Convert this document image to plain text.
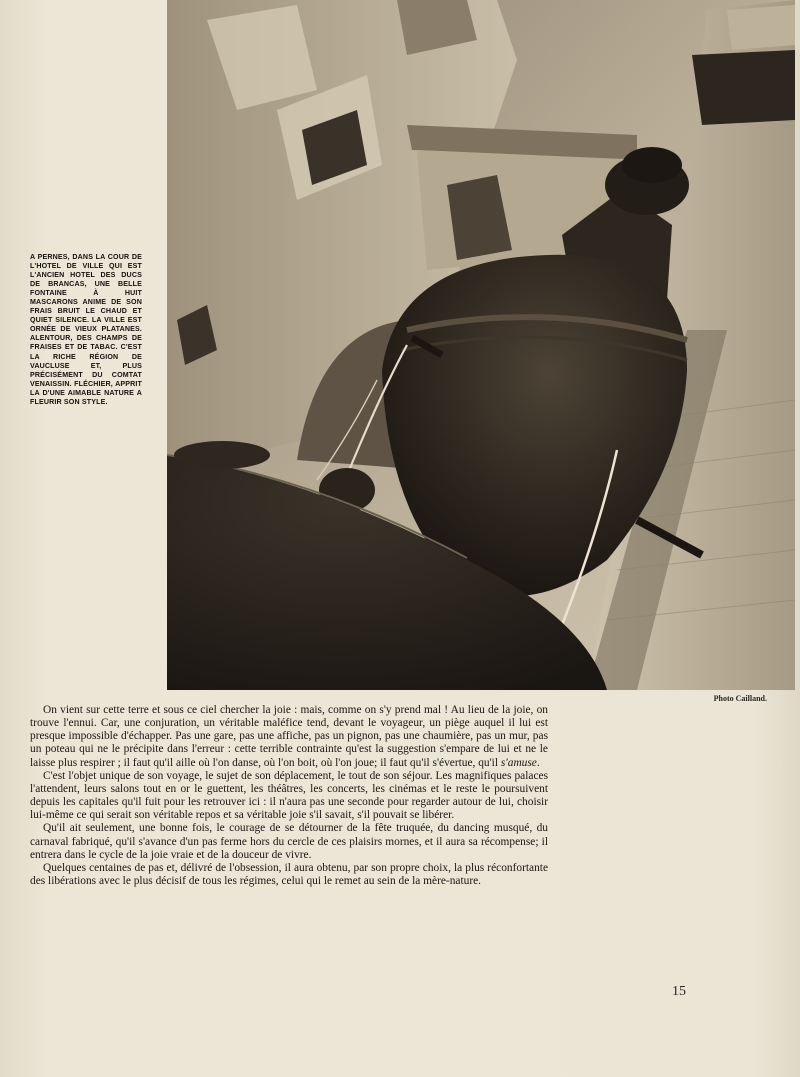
A PERNES, DANS LA COUR DE L'HOTEL DE VILLE QUI EST L'ANCIEN HOTEL DES DUCS DE BRANCAS, UNE BELLE FONTAINE À HUIT MASCARONS ANIME DE SON FRAIS BRUIT LE CHAUD ET QUIET SILENCE. LA VILLE EST ORNÉE DE VIEUX PLATANES. ALENTOUR, DES CHAMPS DE FRAISES ET DE TABAC. C'EST LA RICHE RÉGION DE VAUCLUSE ET, PLUS PRÉCISÉMENT DU COMTAT VENAISSIN. FLÉCHIER, APPRIT LA D'UNE AIMABLE NATURE A FLEURIR SON STYLE.
Photo Cailland.

On vient sur cette terre et sous ce ciel chercher la joie : mais, comme on s'y prend mal ! Au lieu de la joie, on trouve l'ennui. Car, une conjuration, un véritable maléfice tend, devant le voyageur, un piège auquel il lui est presque impossible d'échapper. Pas une gare, pas une affiche, pas un pignon, pas une chaumière, pas un mur, pas un poteau qui ne le précipite dans l'erreur : cette terrible contrainte qu'est la suggestion s'empare de lui et ne le laisse plus respirer ; il faut qu'il aille où l'on danse, où l'on boit, où l'on joue; il faut qu'il s'évertue, qu'il s'amuse.

C'est l'objet unique de son voyage, le sujet de son déplacement, le tout de son séjour. Les magnifiques palaces l'attendent, leurs salons tout en or le guettent, les théâtres, les concerts, les cinémas et le reste le poursuivent depuis les capitales qu'il fuit pour les retrouver ici : il n'aura pas une seconde pour regarder autour de lui, choisir lui-même ce qui serait son véritable repos et sa véritable joie s'il savait, s'il pouvait se libérer.

Qu'il ait seulement, une bonne fois, le courage de se détourner de la fête truquée, du dancing musqué, du carnaval fabriqué, qu'il s'avance d'un pas ferme hors du cercle de ces plaisirs mornes, et il aura sa récompense; il entrera dans le cycle de la joie vraie et de la douceur de vivre.

Quelques centaines de pas et, délivré de l'obsession, il aura obtenu, par son propre choix, la plus réconfortante des libérations avec le plus décisif de tous les régimes, celui qui le remet au sein de la mère-nature.

15
